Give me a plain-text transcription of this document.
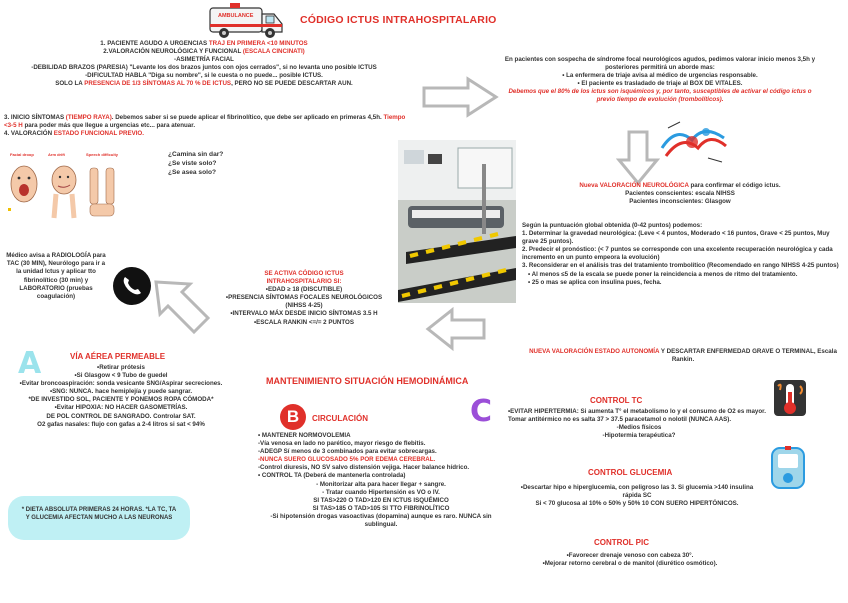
AMBULANCE	CÓDIGO ICTUS INTRAHOSPITALARIO
1. PACIENTE AGUDO A URGENCIAS TRAJ EN PRIMERA <10 MINUTOS
2.VALORACIÓN NEUROLÓGICA Y FUNCIONAL (ESCALA CINCINATI)
-ASIMETRÍA FACIAL
-DEBILIDAD BRAZOS (PARESIA) "Levante los dos brazos juntos con ojos cerrados", si no levanta uno posible ICTUS
-DIFICULTAD HABLA "Diga su nombre", si le cuesta o no puede... posible ICTUS.
SOLO LA PRESENCIA DE 1/3 SÍNTOMAS AL 70 % DE ICTUS, PERO NO SE PUEDE DESCARTAR AUN.
3. INICIO SÍNTOMAS (TIEMPO RAYA). Debemos saber si se puede aplicar el fibrinolítico, que debe ser aplicado en primeras 4,5h. Tiempo <3-5 H para poder más que llegue a urgencias etc... para atenuar.
4. VALORACIÓN ESTADO FUNCIONAL PREVIO.
Facial droop	Arm drift	Speech difficulty	¿Camina sin dar?
¿Se viste solo?
¿Se asea solo?
En pacientes con sospecha de síndrome focal neurológicos agudos, pedimos valorar inicio menos 3,5h y posteriores permitirá un aborde mas:
• La enfermera de triaje avisa al médico de urgencias responsable.
• El paciente es trasladado de triaje al BOX DE VITALES.
Debemos que el 80% de los ictus son isquémicos y, por tanto, susceptibles de activar el código ictus o previo tiempo de evolución (trombolíticos).
Nueva VALORACIÓN NEUROLÓGICA para confirmar el código ictus.
Pacientes conscientes: escala NIHSS
Pacientes inconscientes: Glasgow
Según la puntuación global obtenida (0-42 puntos) podemos:
1. Determinar la gravedad neurológica: (Leve < 4 puntos, Moderado < 16 puntos, Grave < 25 puntos, Muy grave 25 puntos).
2. Predecir el pronóstico: (< 7 puntos se corresponde con una excelente recuperación neurológica y cada incremento en un punto empeora la evolución)
3. Reconsiderar en el análisis tras del tratamiento trombolítico (Recomendado en rango NIHSS 4-25 puntos)
• Al menos ≤5 de la escala se puede poner la reincidencia a menos de ritmo del tratamiento.
• 25 o mas se aplica con insulina pues, fecha.
NUEVA VALORACIÓN ESTADO AUTONOMÍA Y DESCARTAR ENFERMEDAD GRAVE O TERMINAL, Escala Rankin.
SE ACTIVA CÓDIGO ICTUS
INTRAHOSPITALARIO SI:
•EDAD ≥ 18 (DISCUTIBLE)
•PRESENCIA SÍNTOMAS FOCALES NEUROLÓGICOS (NIHSS 4-25)
•INTERVALO MÁX DESDE INICIO SÍNTOMAS 3.5 H
•ESCALA RANKIN <=/= 2 PUNTOS
Médico avisa a RADIOLOGÍA para TAC (30 MIN), Neurólogo para ir a la unidad Ictus y aplicar tto fibrinolítico (30 min) y LABORATORIO (pruebas coagulación)
MANTENIMIENTO SITUACIÓN HEMODINÁMICA
A	VÍA AÉREA PERMEABLE
•Retirar prótesis
•Si Glasgow < 9 Tubo de guedel
•Evitar broncoaspiración: sonda vesicante SNG/Aspirar secreciones.
•SNG: NUNCA. hace hemiplejía y puede sangrar.
*DE INVESTIDO SOL, PACIENTE Y PONEMOS ROPA CÓMODA*
•Evitar HIPOXIA: NO HACER GASOMETRÍAS.
DE POL CONTROL DE SANGRADO. Controlar SAT.
O2 gafas nasales: flujo con gafas a 2-4 litros si sat < 94%
* DIETA ABSOLUTA PRIMERAS 24 HORAS. *LA TC, TA Y GLUCEMIA AFECTAN MUCHO A LAS NEURONAS
B	CIRCULACIÓN
• MANTENER NORMOVOLEMIA
-Vía venosa en lado no parético, mayor riesgo de flebitis.
-ADEGP Sí menos de 3 combinados para evitar sobrecargas.
-NUNCA SUERO GLUCOSADO 5% POR EDEMA CEREBRAL.
-Control diuresis, NO SV salvo distensión vejiga. Hacer balance hídrico.
• CONTROL TA (Deberá de mantenerla controlada)
- Monitorizar alta para hacer llegar + sangre.
- Tratar cuando Hipertensión es VO o IV.
SI TAS>220 O TAD>120 EN ICTUS ISQUÉMICO
SI TAS>185 O TAD>105 SI TTO FIBRINOLÍTICO
-Si hipotensión drogas vasoactivas (dopamina) aunque es raro. NUNCA sin sublingual.
C	CONTROL TC
•EVITAR HIPERTERMIA: Si aumenta T° el metabolismo lo y el consumo de O2 es mayor. Tomar antitérmico no es salta 37 > 37.5 paracetamol o nolotil (NUNCA AAS).
-Medios físicos
-Hipotermia terapéutica?
CONTROL GLUCEMIA
•Descartar hipo e hiperglucemia, con peligroso las 3. Si glucemia >140 insulina rápida SC
Si < 70 glucosa al 10% o 50% y 50% 10 CON SUERO HIPERTÓNICOS.
CONTROL PIC
•Favorecer drenaje venoso con cabeza 30°.
•Mejorar retorno cerebral o de manitol (diurético osmótico).
